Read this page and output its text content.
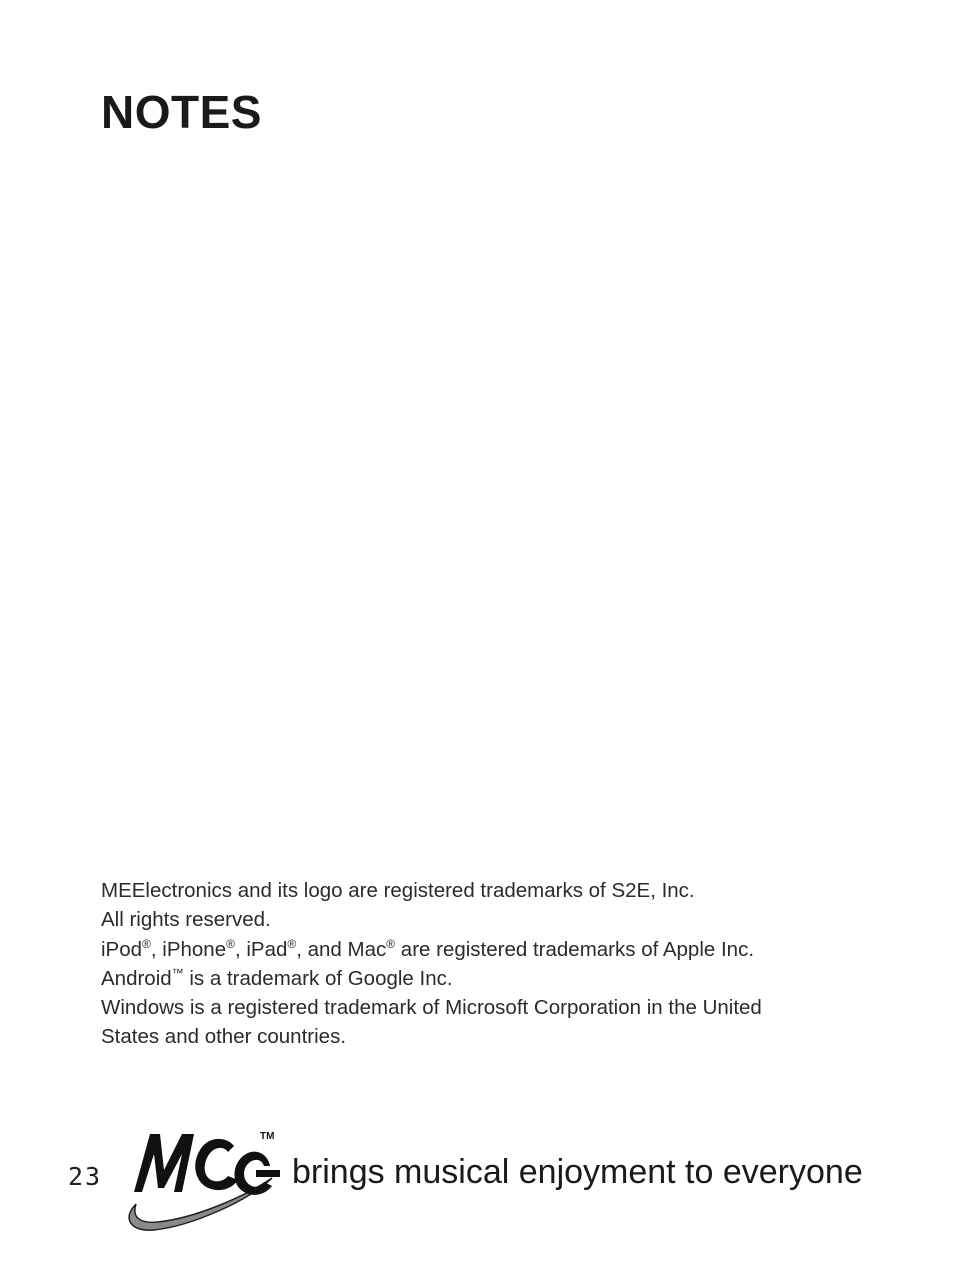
NOTES
MEElectronics and its logo are registered trademarks of S2E, Inc.
All rights reserved.
iPod®, iPhone®, iPad®, and Mac® are registered trademarks of Apple Inc.
Android™ is a trademark of Google Inc.
Windows is a registered trademark of Microsoft Corporation in the United
States and other countries.
23
TM
brings musical enjoyment to everyone
